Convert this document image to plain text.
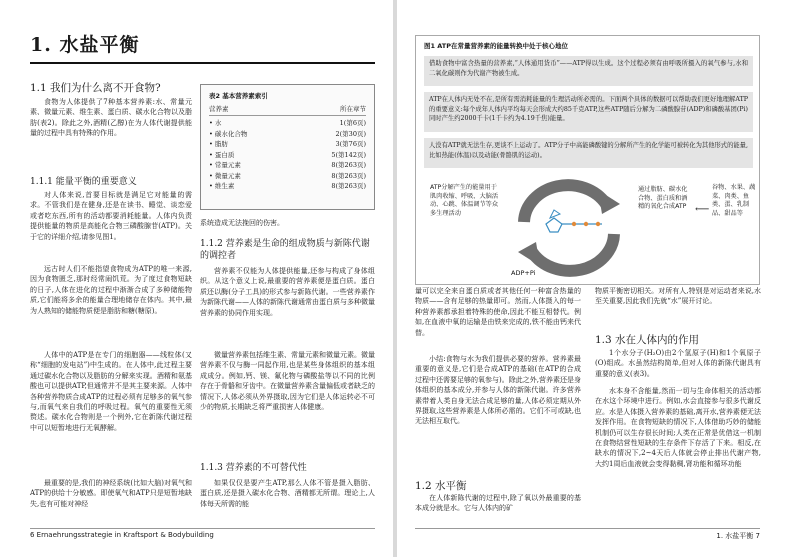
1. 水盐平衡
1.1 我们为什么离不开食物?
食物为人体提供了7种基本营养素:水、常量元素、微量元素、维生素、蛋白质、碳水化合物以及脂肪(表2)。除此之外,酒精(乙醇)在为人体代谢提供能量的过程中具有特殊的作用。
1.1.1 能量平衡的重要意义
对人体来说,首要目标就是满足它对能量的需求。不管我们是在健身,还是在读书、睡觉、谈恋爱或者吃东西,所有的活动都要消耗能量。人体内负责提供能量的物质是高能化合物三磷酸腺苷(ATP)。关于它的详细介绍,请参见图1。
远古时人们不能指望食物成为ATP的唯一来源,因为食物匮乏,那时经常闹饥荒。为了度过食物短缺的日子,人体在进化的过程中渐渐合成了多种储能物质,它们能将多余的能量合理地储存在体内。其中,最为人熟知的储能物质便是脂肪和糖(糖原)。
人体中的ATP是在专门的细胞器——线粒体(又称“细胞的发电站”)中生成的。在人体中,此过程主要通过碳水化合物以及脂肪的分解来实现。酒精和氨基酸也可以提供ATP,但通常并不是其主要来源。人体中各种营养物质合成ATP的过程必须有足够多的氧气参与,而氧气来自我们的呼吸过程。氧气的重要性无须赘述。碳水化合物则是一个例外,它在新陈代谢过程中可以短暂地进行无氧酵解。
最重要的是,我们的神经系统(比如大脑)对氧气和ATP的供给十分敏感。即使氧气和ATP只是短暂地缺失,也有可能对神经
表2 基本营养素索引
营养素	所在章节
• 水	1(第6页)
• 碳水化合物	2(第30页)
• 脂肪	3(第76页)
• 蛋白质	5(第142页)
• 常量元素	8(第263页)
• 微量元素	8(第263页)
• 维生素	8(第263页)
系统造成无法挽回的伤害。
1.1.2 营养素是生命的组成物质与新陈代谢的调控者
营养素不仅能为人体提供能量,还参与构成了身体组织。从这个意义上说,最重要的营养素便是蛋白质。蛋白质还以酶(分子工具)的形式参与新陈代谢。一些营养素作为新陈代谢——人体的新陈代谢通常由蛋白质与多种微量营养素的协同作用实现。
微量营养素包括维生素、常量元素和微量元素。微量营养素不仅与酶一同起作用,也是某些身体组织的基本组成成分。例如,钙、镁、氟化物与磷酸盐等以不同的比例存在于骨骼和牙齿中。在微量营养素含量偏低或者缺乏的情况下,人体必须从外界摄取,因为它们是人体运转必不可少的物质,长期缺乏将严重损害人体健康。
1.1.3 营养素的不可替代性
如果仅仅是要产生ATP,那么人体不管是摄入脂肪、蛋白质,还是摄入碳水化合物、酒精都无所谓。理论上,人体每天所需的能
6 Ernaehrungsstrategie in Kraftsport & Bodybuilding
图1 ATP在常量营养素的能量转换中处于核心地位
借助食物中富含热量的营养素,“人体通用货币”——ATP得以生成。这个过程必须有由呼吸所摄入的氧气参与,水和二氧化碳则作为代谢产物被生成。
ATP在人体内无处不在,是所有需消耗能量的生理活动所必需的。下面两个具体的数据可以帮助我们更好地理解ATP的重要意义:每个成年人体内平均每天会形成大约85千克ATP,这些ATP随后分解为二磷酸腺苷(ADP)和磷酸基团(Pi)同时产生约2000千卡(1千卡约为4.19千焦)能量。
人没有ATP就无法生存,更谈不上运动了。ATP分子中高能磷酸键的分解所产生的化学能可被转化为其他形式的能量,比如热能(体温)以及动能(骨骼肌的运动)。
ATP分解产生的能量用于肌肉收缩、呼吸、大脑活动、心跳、体温调节等众多生理活动
ATP
ADP+Pi
通过脂肪、碳水化合物、蛋白质和酒精的氧化合成ATP ⟵
谷物、水果、蔬菜、肉类、鱼类、蛋、乳制品、甜品等
量可以完全来自蛋白质或者其他任何一种富含热量的物质——含有足够的热量即可。然而,人体摄入的每一种营养素都承担着特殊的使命,因此不能互相替代。例如,在血液中氧的运输是由铁来完成的,铁不能由钙来代替。
小结:食物与水为我们提供必要的营养。营养素最重要的意义是,它们是合成ATP的基础(在ATP的合成过程中还需要足够的氧参与)。除此之外,营养素还是身体组织的基本成分,并参与人体的新陈代谢。许多营养素带着人类自身无法合成足够的量,人体必须定期从外界摄取,这些营养素是人体所必需的。它们不可或缺,也无法相互取代。
1.2 水平衡
在人体新陈代谢的过程中,除了氧以外最重要的基本成分就是水。它与人体内的矿
物质平衡密切相关。对所有人,特别是对运动者来说,水至关重要,因此我们先就“水”展开讨论。
1.3 水在人体内的作用
1个水分子(H₂O)由2个氢原子(H)和1个氧原子(O)组成。水虽然结构简单,但对人体的新陈代谢具有重要的意义(表3)。
水本身不含能量,然而一切与生命体相关的活动都在水这个环境中进行。例如,水会直接参与很多代谢反应。水是人体摄入营养素的基础,离开水,营养素便无法发挥作用。在食物短缺的情况下,人体借助巧妙的储能机制仍可以生存很长时间;人类在正常是优借这一机制在食物结营性短缺的生存条件下存活了下来。相反,在缺水的情况下,2~4天后人体就会停止排出代谢产物,大约1周后血液就会变得黏稠,肾功能和循环功能
1. 水盐平衡 7
